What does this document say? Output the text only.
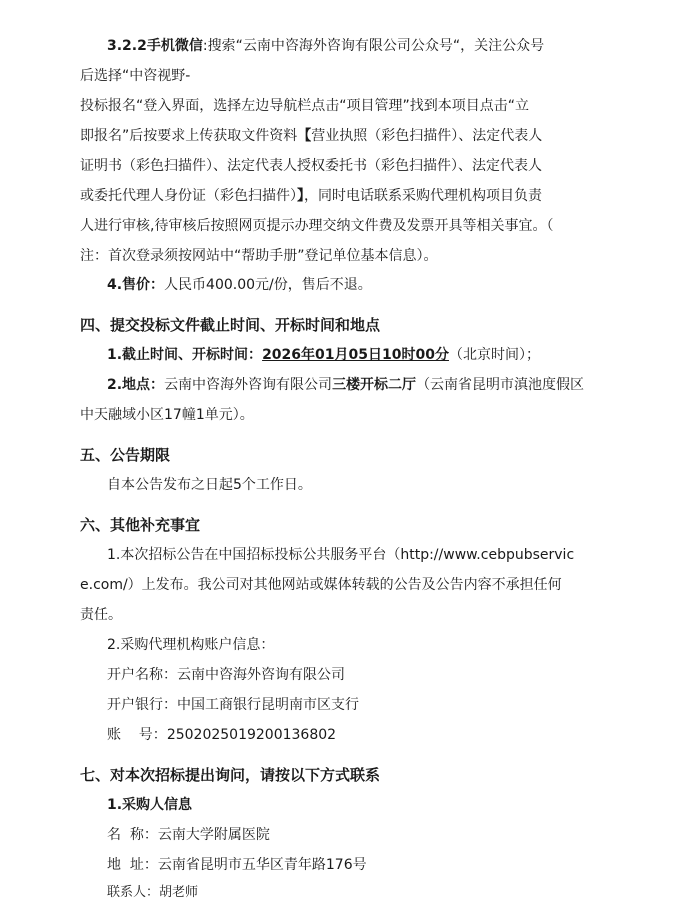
3.2.2手机微信:搜索“云南中咨海外咨询有限公司公众号“，关注公众号
后选择“中咨视野-
投标报名“登入界面，选择左边导航栏点击“项目管理”找到本项目点击“立
即报名”后按要求上传获取文件资料【营业执照（彩色扫描件）、法定代表人
证明书（彩色扫描件）、法定代表人授权委托书（彩色扫描件）、法定代表人
或委托代理人身份证（彩色扫描件）】，同时电话联系采购代理机构项目负责
人进行审核,待审核后按照网页提示办理交纳文件费及发票开具等相关事宜。（
注：首次登录须按网站中“帮助手册”登记单位基本信息）。
4.售价：人民币400.00元/份，售后不退。
四、提交投标文件截止时间、开标时间和地点
1.截止时间、开标时间：2026年01月05日10时00分（北京时间）；
2.地点：云南中咨海外咨询有限公司三楼开标二厅（云南省昆明市滇池度假区
中天融域小区17幢1单元）。
五、公告期限
自本公告发布之日起5个工作日。
六、其他补充事宜
1.本次招标公告在中国招标投标公共服务平台（http://www.cebpubservic
e.com/）上发布。我公司对其他网站或媒体转载的公告及公告内容不承担任何
责任。
2.采购代理机构账户信息：
开户名称：云南中咨海外咨询有限公司
开户银行：中国工商银行昆明南市区支行
账    号：2502025019200136802
七、对本次招标提出询问，请按以下方式联系
1.采购人信息
名  称：云南大学附属医院
地  址：云南省昆明市五华区青年路176号
联系人：胡老师
